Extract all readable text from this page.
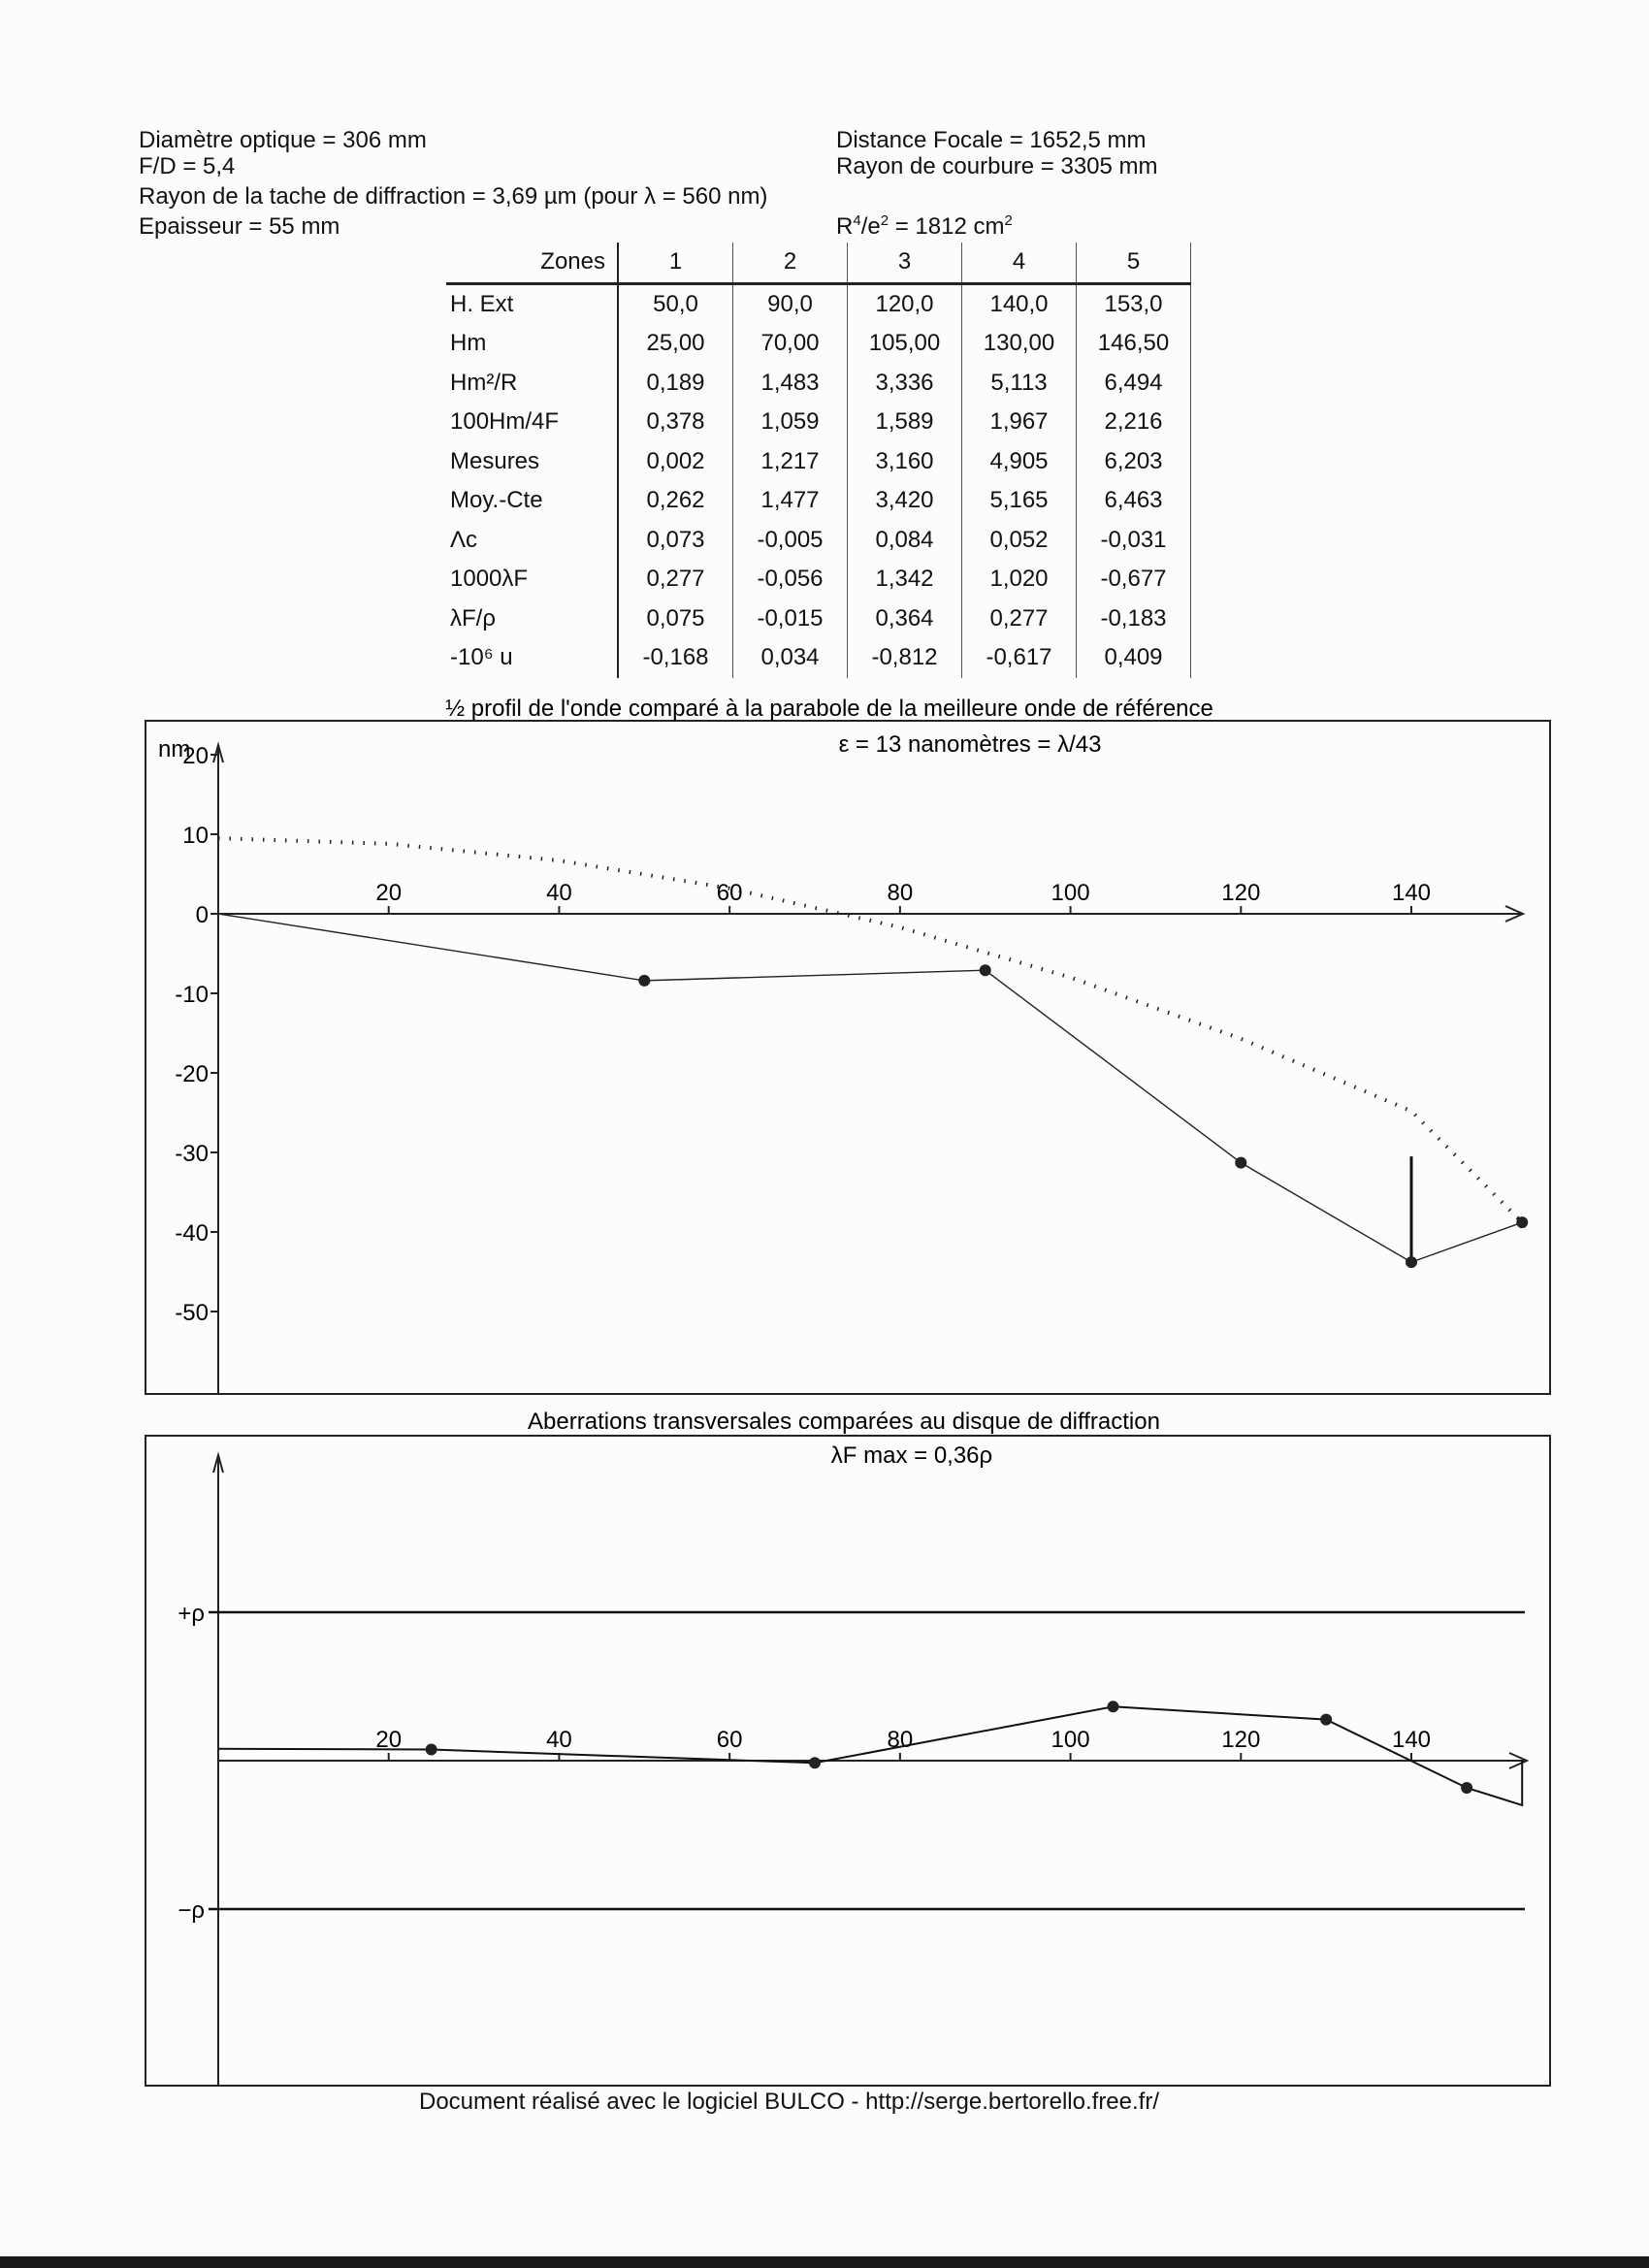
Diamètre optique = 306 mm
F/D = 5,4
Rayon de la tache de diffraction = 3,69 µm (pour λ = 560 nm)
Epaisseur = 55 mm
Distance Focale = 1652,5 mm
Rayon de courbure = 3305 mm
$R^4/e^2 = 1812$ $cm^2$
Zones	1	2	3	4	5
H. Ext	50,0	90,0	120,0	140,0	153,0
Hm	25,00	70,00	105,00	130,00	146,50
Hm²/R	0,189	1,483	3,336	5,113	6,494
100Hm/4F	0,378	1,059	1,589	1,967	2,216
Mesures	0,002	1,217	3,160	4,905	6,203
Moy.-Cte	0,262	1,477	3,420	5,165	6,463
Λc	0,073	-0,005	0,084	0,052	-0,031
1000λF	0,277	-0,056	1,342	1,020	-0,677
λF/ρ	0,075	-0,015	0,364	0,277	-0,183
-10⁶ u	-0,168	0,034	-0,812	-0,617	0,409
½ profil de l'onde comparé à la parabole de la meilleure onde de référence
ε = 13 nanomètres = λ/43
nm
20	40	60	80	100	120	140
20
10
0
-10
-20
-30
-40
-50
Aberrations transversales comparées au disque de diffraction
λF max = 0,36ρ
+ρ
−ρ
20	40	60	80	100	120	140
Document réalisé avec le logiciel BULCO - http://serge.bertorello.free.fr/
